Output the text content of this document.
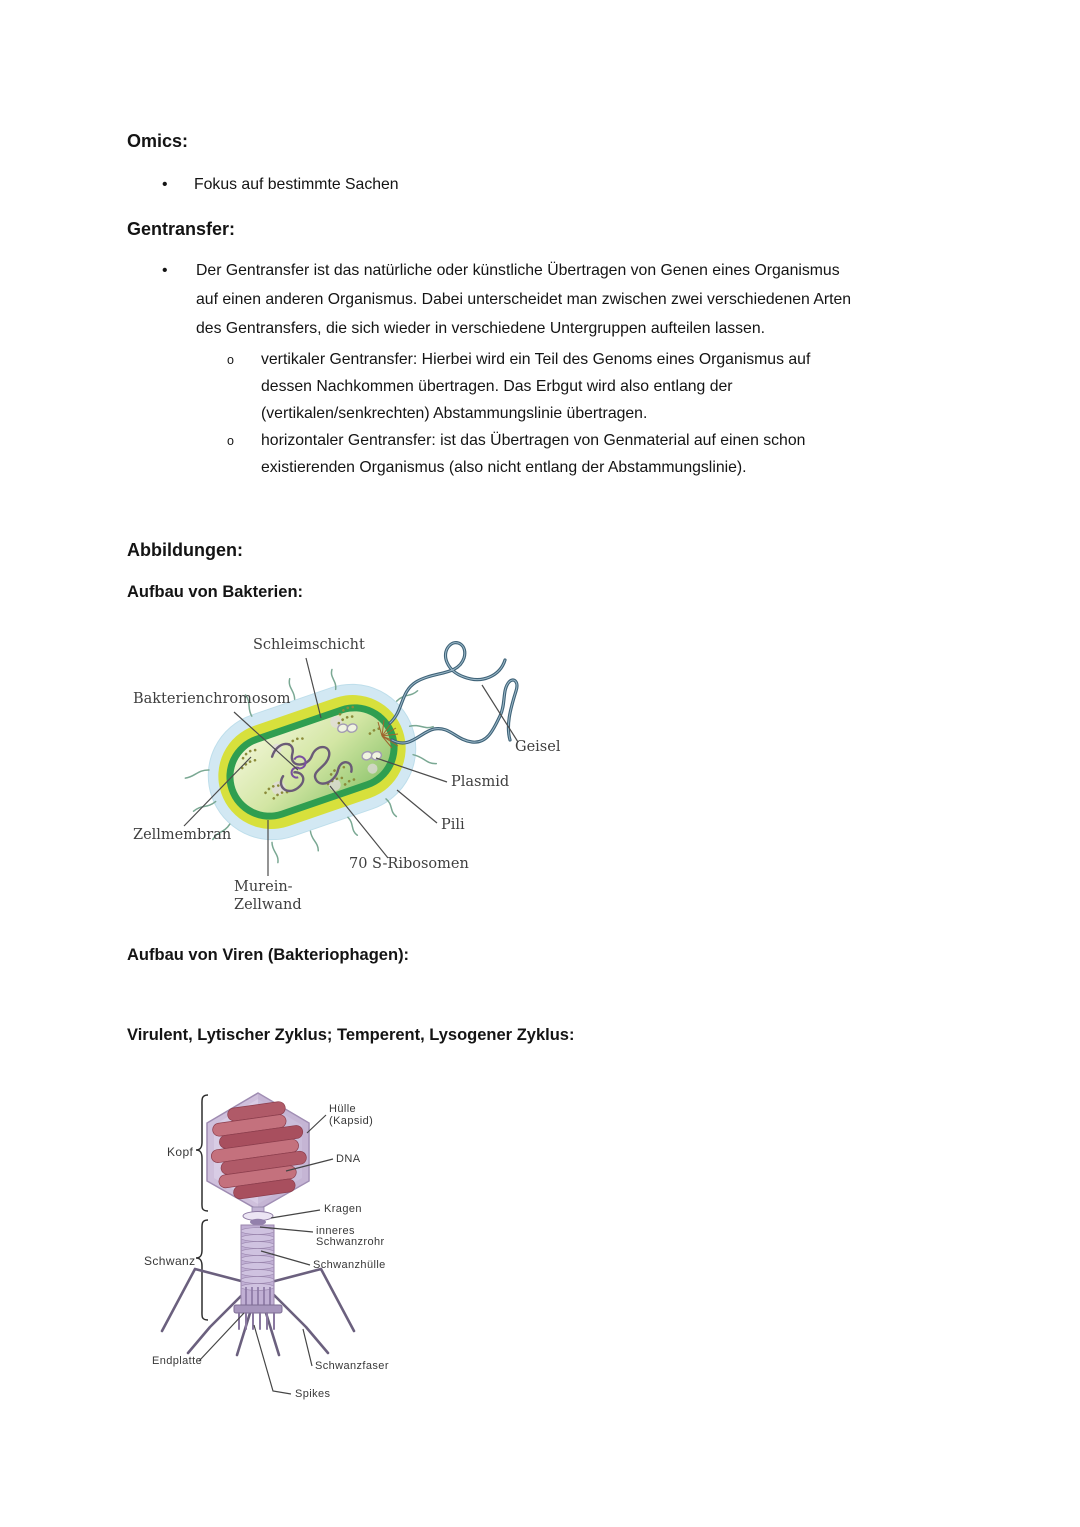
Omics:
• Fokus auf bestimmte Sachen
Gentransfer:
• Der Gentransfer ist das natürliche oder künstliche Übertragen von Genen eines Organismus
auf einen anderen Organismus. Dabei unterscheidet man zwischen zwei verschiedenen Arten
des Gentransfers, die sich wieder in verschiedene Untergruppen aufteilen lassen.
o vertikaler Gentransfer: Hierbei wird ein Teil des Genoms eines Organismus auf
dessen Nachkommen übertragen. Das Erbgut wird also entlang der
(vertikalen/senkrechten) Abstammungslinie übertragen.
o horizontaler Gentransfer: ist das Übertragen von Genmaterial auf einen schon
existierenden Organismus (also nicht entlang der Abstammungslinie).
Abbildungen:
Aufbau von Bakterien:
Schleimschicht
Bakterienchromosom
Geisel
Plasmid
Pili
Zellmembran
70 S-Ribosomen
Murein-
Zellwand
Aufbau von Viren (Bakteriophagen):
Virulent, Lytischer Zyklus; Temperent, Lysogener Zyklus:
Kopf
Hülle
(Kapsid)
DNA
Kragen
inneres
Schwanzrohr
Schwanz	Schwanzhülle
Endplatte	Schwanzfaser
Spikes
